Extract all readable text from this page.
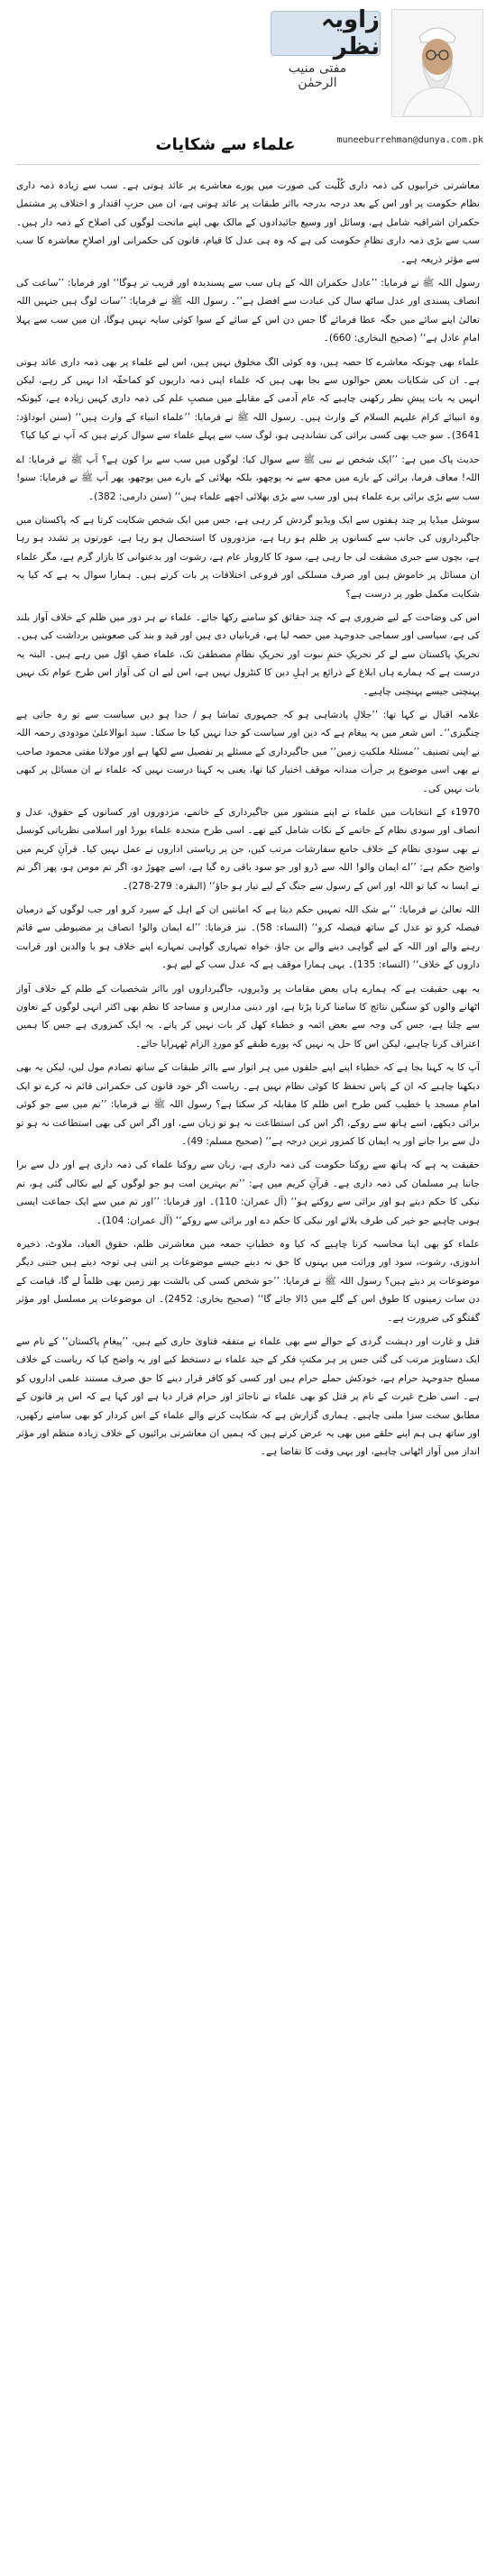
زاویہ نظر
مفتی منیب الرحمٰن
muneeburrehman@dunya.com.pk
علماء سے شکایات

معاشرتی خرابیوں کی ذمہ داری کُلّیت کی صورت میں پورے معاشرے پر عائد ہوتی ہے۔ سب سے زیادہ ذمہ داری نظام حکومت پر اور اس کے بعد درجہ بدرجہ بااثر طبقات پر عائد ہوتی ہے، ان میں حزبِ اقتدار و اختلاف پر مشتمل حکمران اشرافیہ شامل ہے، وسائل اور وسیع جائیدادوں کے مالک بھی اپنے ماتحت لوگوں کی اصلاح کے ذمہ دار ہیں۔ سب سے بڑی ذمہ داری نظامِ حکومت کی ہے کہ وہ ہی عدل کا قیام، قانون کی حکمرانی اور اصلاحِ معاشرہ کا سب سے مؤثر ذریعہ ہے۔

رسول اللہ ﷺ نے فرمایا: ’’عادل حکمران اللہ کے ہاں سب سے پسندیدہ اور قریب تر ہوگا‘‘ اور فرمایا: ’’ساعت کی انصاف پسندی اور عدل ساٹھ سال کی عبادت سے افضل ہے‘‘۔ رسول اللہ ﷺ نے فرمایا: ’’سات لوگ ہیں جنہیں اللہ تعالیٰ اپنے سائے میں جگہ عطا فرمائے گا جس دن اس کے سائے کے سوا کوئی سایہ نہیں ہوگا، ان میں سب سے پہلا امامِ عادل ہے‘‘ (صحیح البخاری: 660)۔

علماء بھی چونکہ معاشرے کا حصہ ہیں، وہ کوئی الگ مخلوق نہیں ہیں، اس لیے علماء پر بھی ذمہ داری عائد ہوتی ہے۔ ان کی شکایات بعض حوالوں سے بجا بھی ہیں کہ علماء اپنی ذمہ داریوں کو کماحقّہ ادا نہیں کر رہے، لیکن انہیں یہ بات پیشِ نظر رکھنی چاہیے کہ عام آدمی کے مقابلے میں منصبِ علم کی ذمہ داری کہیں زیادہ ہے، کیونکہ وہ انبیائے کرام علیہم السلام کے وارث ہیں۔ رسول اللہ ﷺ نے فرمایا: ’’علماء انبیاء کے وارث ہیں‘‘ (سنن ابوداؤد: 3641)۔ سو جب بھی کسی برائی کی نشاندہی ہو، لوگ سب سے پہلے علماء سے سوال کرتے ہیں کہ آپ نے کیا کیا؟

حدیث پاک میں ہے: ’’ایک شخص نے نبی ﷺ سے سوال کیا: لوگوں میں سب سے برا کون ہے؟ آپ ﷺ نے فرمایا: اے اللہ! معاف فرما، برائی کے بارے میں مجھ سے نہ پوچھو، بلکہ بھلائی کے بارے میں پوچھو، پھر آپ ﷺ نے فرمایا: سنو! سب سے بڑی برائی برے علماء ہیں اور سب سے بڑی بھلائی اچھے علماء ہیں‘‘ (سنن دارمی: 382)۔

سوشل میڈیا پر چند ہفتوں سے ایک ویڈیو گردش کر رہی ہے، جس میں ایک شخص شکایت کرتا ہے کہ پاکستان میں جاگیرداروں کی جانب سے کسانوں پر ظلم ہو رہا ہے، مزدوروں کا استحصال ہو رہا ہے، عورتوں پر تشدد ہو رہا ہے، بچوں سے جبری مشقت لی جا رہی ہے، سود کا کاروبار عام ہے، رشوت اور بدعنوانی کا بازار گرم ہے، مگر علماء ان مسائل پر خاموش ہیں اور صرف مسلکی اور فروعی اختلافات پر بات کرتے ہیں۔ ہمارا سوال یہ ہے کہ کیا یہ شکایت مکمل طور پر درست ہے؟

اس کی وضاحت کے لیے ضروری ہے کہ چند حقائق کو سامنے رکھا جائے۔ علماء نے ہر دور میں ظلم کے خلاف آواز بلند کی ہے، سیاسی اور سماجی جدوجہد میں حصہ لیا ہے، قربانیاں دی ہیں اور قید و بند کی صعوبتیں برداشت کی ہیں۔ تحریکِ پاکستان سے لے کر تحریکِ ختمِ نبوت اور تحریکِ نظامِ مصطفیٰ تک، علماء صفِ اوّل میں رہے ہیں۔ البتہ یہ درست ہے کہ ہمارے ہاں ابلاغ کے ذرائع پر اہلِ دین کا کنٹرول نہیں ہے، اس لیے ان کی آواز اس طرح عوام تک نہیں پہنچتی جیسے پہنچنی چاہیے۔

علامہ اقبال نے کہا تھا: ’’جلالِ پادشاہی ہو کہ جمہوری تماشا ہو / جدا ہو دیں سیاست سے تو رہ جاتی ہے چنگیزی‘‘۔ اس شعر میں یہ پیغام ہے کہ دین اور سیاست کو جدا نہیں کیا جا سکتا۔ سید ابوالاعلیٰ مودودی رحمہ اللہ نے اپنی تصنیف ’’مسئلۂ ملکیتِ زمین‘‘ میں جاگیرداری کے مسئلے پر تفصیل سے لکھا ہے اور مولانا مفتی محمود صاحب نے بھی اسی موضوع پر جرأت مندانہ موقف اختیار کیا تھا، یعنی یہ کہنا درست نہیں کہ علماء نے ان مسائل پر کبھی بات نہیں کی۔

1970ء کے انتخابات میں علماء نے اپنے منشور میں جاگیرداری کے خاتمے، مزدوروں اور کسانوں کے حقوق، عدل و انصاف اور سودی نظام کے خاتمے کے نکات شامل کیے تھے۔ اسی طرح متحدہ علماء بورڈ اور اسلامی نظریاتی کونسل نے بھی سودی نظام کے خلاف جامع سفارشات مرتب کیں، جن پر ریاستی اداروں نے عمل نہیں کیا۔ قرآنِ کریم میں واضح حکم ہے: ’’اے ایمان والو! اللہ سے ڈرو اور جو سود باقی رہ گیا ہے، اسے چھوڑ دو، اگر تم مومن ہو، پھر اگر تم نے ایسا نہ کیا تو اللہ اور اس کے رسول سے جنگ کے لیے تیار ہو جاؤ‘‘ (البقرہ: 279-278)۔

اللہ تعالیٰ نے فرمایا: ’’بے شک اللہ تمہیں حکم دیتا ہے کہ امانتیں ان کے اہل کے سپرد کرو اور جب لوگوں کے درمیان فیصلہ کرو تو عدل کے ساتھ فیصلہ کرو‘‘ (النساء: 58)۔ نیز فرمایا: ’’اے ایمان والو! انصاف پر مضبوطی سے قائم رہنے والے اور اللہ کے لیے گواہی دینے والے بن جاؤ، خواہ تمہاری گواہی تمہارے اپنے خلاف ہو یا والدین اور قرابت داروں کے خلاف‘‘ (النساء: 135)۔ یہی ہمارا موقف ہے کہ عدل سب کے لیے ہو۔

یہ بھی حقیقت ہے کہ ہمارے ہاں بعض مقامات پر وڈیروں، جاگیرداروں اور بااثر شخصیات کے ظلم کے خلاف آواز اٹھانے والوں کو سنگین نتائج کا سامنا کرنا پڑتا ہے، اور دینی مدارس و مساجد کا نظم بھی اکثر انہی لوگوں کے تعاون سے چلتا ہے، جس کی وجہ سے بعض ائمہ و خطباء کھل کر بات نہیں کر پاتے۔ یہ ایک کمزوری ہے جس کا ہمیں اعتراف کرنا چاہیے، لیکن اس کا حل یہ نہیں کہ پورے طبقے کو موردِ الزام ٹھہرایا جائے۔

آپ کا یہ کہنا بجا ہے کہ خطباء اپنے اپنے حلقوں میں ہر اتوار سے بااثر طبقات کے ساتھ تصادم مول لیں، لیکن یہ بھی دیکھنا چاہیے کہ ان کے پاس تحفظ کا کوئی نظام نہیں ہے۔ ریاست اگر خود قانون کی حکمرانی قائم نہ کرے تو ایک امامِ مسجد یا خطیب کس طرح اس ظلم کا مقابلہ کر سکتا ہے؟ رسول اللہ ﷺ نے فرمایا: ’’تم میں سے جو کوئی برائی دیکھے، اسے ہاتھ سے روکے، اگر اس کی استطاعت نہ ہو تو زبان سے، اور اگر اس کی بھی استطاعت نہ ہو تو دل سے برا جانے اور یہ ایمان کا کمزور ترین درجہ ہے‘‘ (صحیح مسلم: 49)۔

حقیقت یہ ہے کہ ہاتھ سے روکنا حکومت کی ذمہ داری ہے، زبان سے روکنا علماء کی ذمہ داری ہے اور دل سے برا جاننا ہر مسلمان کی ذمہ داری ہے۔ قرآنِ کریم میں ہے: ’’تم بہترین امت ہو جو لوگوں کے لیے نکالی گئی ہو، تم نیکی کا حکم دیتے ہو اور برائی سے روکتے ہو‘‘ (آل عمران: 110)۔ اور فرمایا: ’’اور تم میں سے ایک جماعت ایسی ہونی چاہیے جو خیر کی طرف بلائے اور نیکی کا حکم دے اور برائی سے روکے‘‘ (آل عمران: 104)۔

علماء کو بھی اپنا محاسبہ کرنا چاہیے کہ کیا وہ خطباتِ جمعہ میں معاشرتی ظلم، حقوق العباد، ملاوٹ، ذخیرہ اندوزی، رشوت، سود اور وراثت میں بہنوں کا حق نہ دینے جیسے موضوعات پر اتنی ہی توجہ دیتے ہیں جتنی دیگر موضوعات پر دیتے ہیں؟ رسول اللہ ﷺ نے فرمایا: ’’جو شخص کسی کی بالشت بھر زمین بھی ظلماً لے گا، قیامت کے دن سات زمینوں کا طوق اس کے گلے میں ڈالا جائے گا‘‘ (صحیح بخاری: 2452)۔ ان موضوعات پر مسلسل اور مؤثر گفتگو کی ضرورت ہے۔

قتل و غارت اور دہشت گردی کے حوالے سے بھی علماء نے متفقہ فتاویٰ جاری کیے ہیں، ’’پیغامِ پاکستان‘‘ کے نام سے ایک دستاویز مرتب کی گئی جس پر ہر مکتبِ فکر کے جید علماء نے دستخط کیے اور یہ واضح کیا کہ ریاست کے خلاف مسلح جدوجہد حرام ہے، خودکش حملے حرام ہیں اور کسی کو کافر قرار دینے کا حق صرف مستند علمی اداروں کو ہے۔ اسی طرح غیرت کے نام پر قتل کو بھی علماء نے ناجائز اور حرام قرار دیا ہے اور کہا ہے کہ اس پر قانون کے مطابق سخت سزا ملنی چاہیے۔ ہماری گزارش ہے کہ شکایت کرنے والے علماء کے اس کردار کو بھی سامنے رکھیں، اور ساتھ ہی ہم اپنے حلقے میں بھی یہ عرض کرتے ہیں کہ ہمیں ان معاشرتی برائیوں کے خلاف زیادہ منظم اور مؤثر انداز میں آواز اٹھانی چاہیے، اور یہی وقت کا تقاضا ہے۔
